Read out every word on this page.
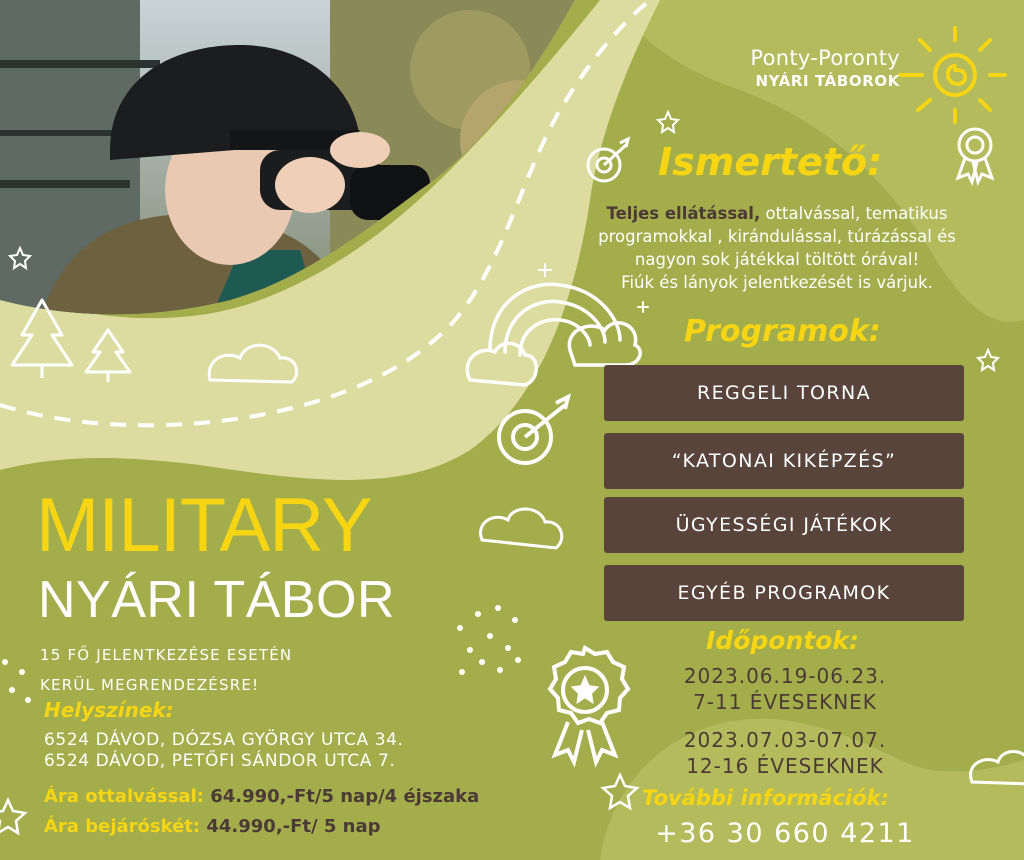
Ponty-Poronty
NYÁRI TÁBOROK
Ismertető:
Teljes ellátással, ottalvással, tematikus
programokkal , kirándulással, túrázással és
nagyon sok játékkal töltött órával!
Fiúk és lányok jelentkezését is várjuk.
Programok:
REGGELI TORNA
“KATONAI KIKÉPZÉS”
ÜGYESSÉGI JÁTÉKOK
EGYÉB PROGRAMOK
Időpontok:
2023.06.19-06.23.
7-11 ÉVESEKNEK
2023.07.03-07.07.
12-16 ÉVESEKNEK
További információk:
+36 30 660 4211
MILITARY
NYÁRI TÁBOR
15 FŐ JELENTKEZÉSE ESETÉN
KERÜL MEGRENDEZÉSRE!
Helyszínek:
6524 DÁVOD, DÓZSA GYÖRGY UTCA 34.
6524 DÁVOD, PETŐFI SÁNDOR UTCA 7.
Ára ottalvással: 64.990,-Ft/5 nap/4 éjszaka
Ára bejáróskét: 44.990,-Ft/ 5 nap
